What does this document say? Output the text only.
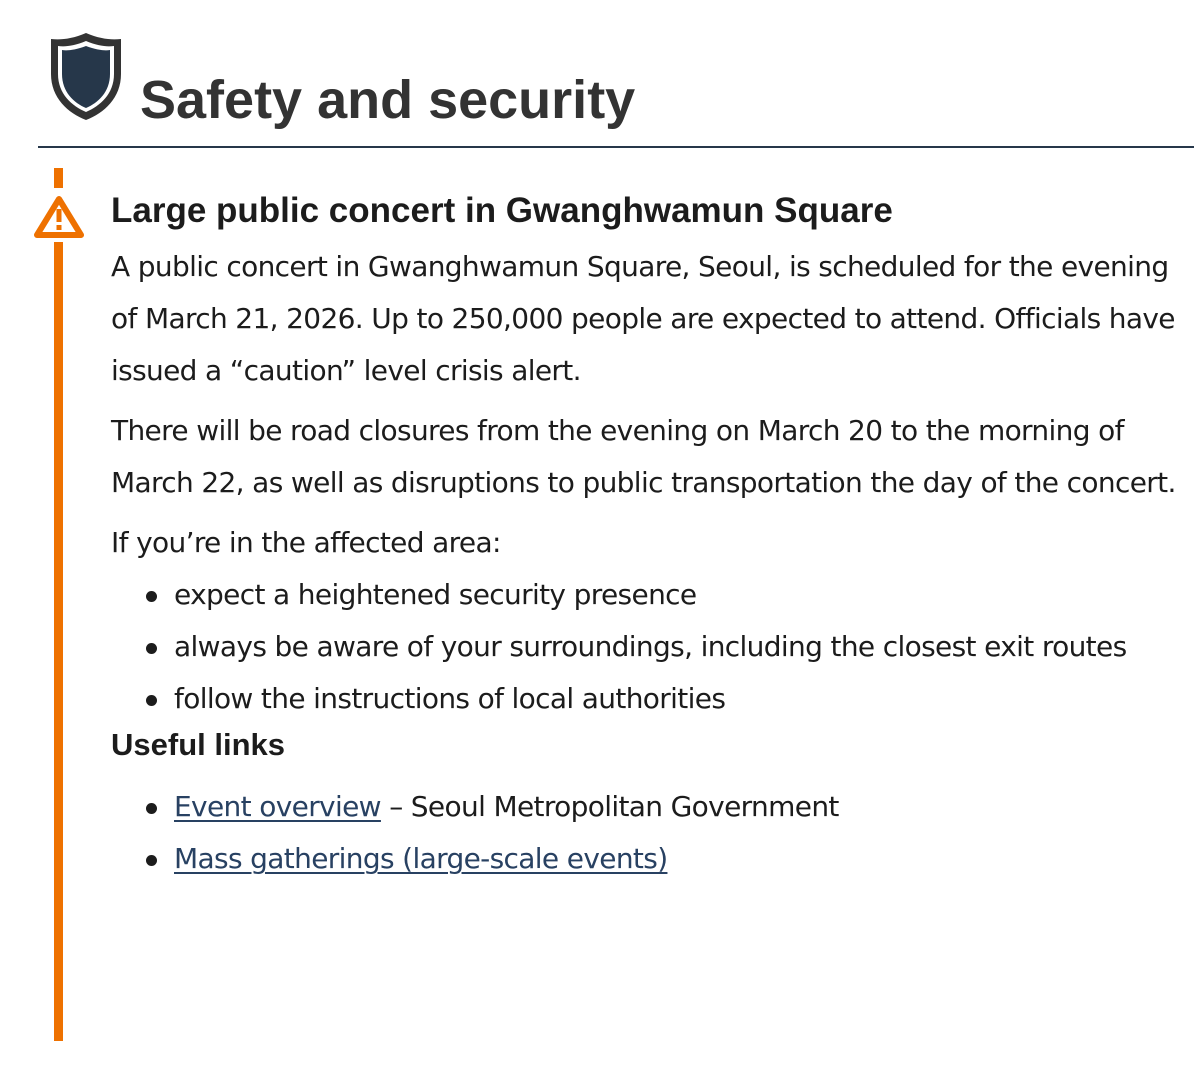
Safety and security
Large public concert in Gwanghwamun Square

A public concert in Gwanghwamun Square, Seoul, is scheduled for the evening of March 21, 2026. Up to 250,000 people are expected to attend. Officials have issued a “caution” level crisis alert.

There will be road closures from the evening on March 20 to the morning of March 22, as well as disruptions to public transportation the day of the concert.

If you’re in the affected area:

expect a heightened security presence
always be aware of your surroundings, including the closest exit routes
follow the instructions of local authorities
Useful links
Event overview – Seoul Metropolitan Government
Mass gatherings (large-scale events)
